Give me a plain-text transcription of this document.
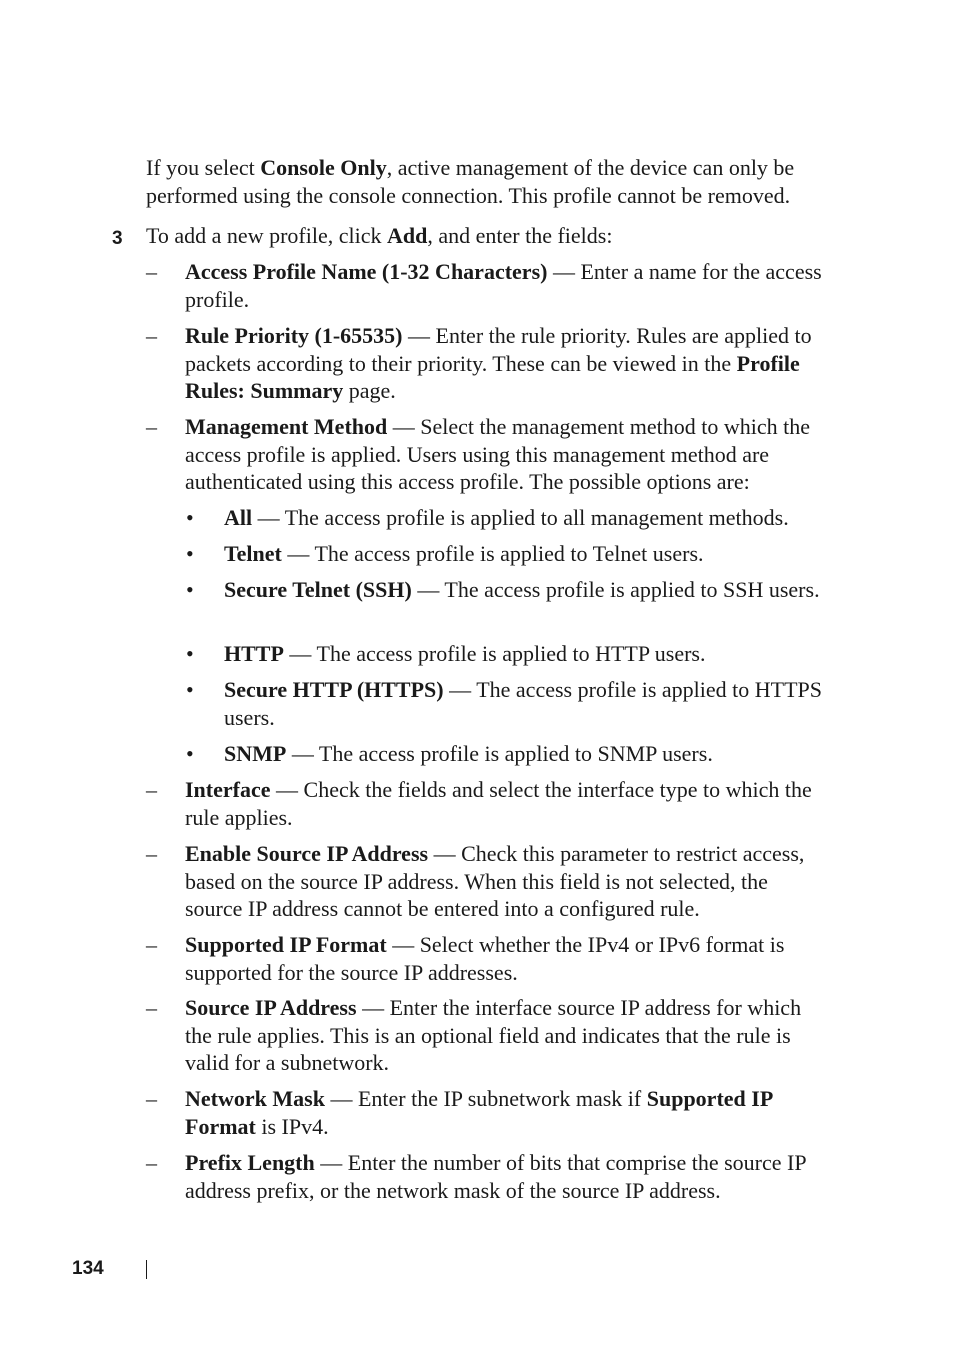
If you select Console Only, active management of the device can only be performed using the console connection. This profile cannot be removed.

3 To add a new profile, click Add, and enter the fields:

– Access Profile Name (1-32 Characters) — Enter a name for the access profile.

– Rule Priority (1-65535) — Enter the rule priority. Rules are applied to packets according to their priority. These can be viewed in the Profile Rules: Summary page.

– Management Method — Select the management method to which the access profile is applied. Users using this management method are authenticated using this access profile. The possible options are:

• All — The access profile is applied to all management methods.

• Telnet — The access profile is applied to Telnet users.

• Secure Telnet (SSH) — The access profile is applied to SSH users.

• HTTP — The access profile is applied to HTTP users.

• Secure HTTP (HTTPS) — The access profile is applied to HTTPS users.

• SNMP — The access profile is applied to SNMP users.

– Interface — Check the fields and select the interface type to which the rule applies.

– Enable Source IP Address — Check this parameter to restrict access, based on the source IP address. When this field is not selected, the source IP address cannot be entered into a configured rule.

– Supported IP Format — Select whether the IPv4 or IPv6 format is supported for the source IP addresses.

– Source IP Address — Enter the interface source IP address for which the rule applies. This is an optional field and indicates that the rule is valid for a subnetwork.

– Network Mask — Enter the IP subnetwork mask if Supported IP Format is IPv4.

– Prefix Length — Enter the number of bits that comprise the source IP address prefix, or the network mask of the source IP address.

134
